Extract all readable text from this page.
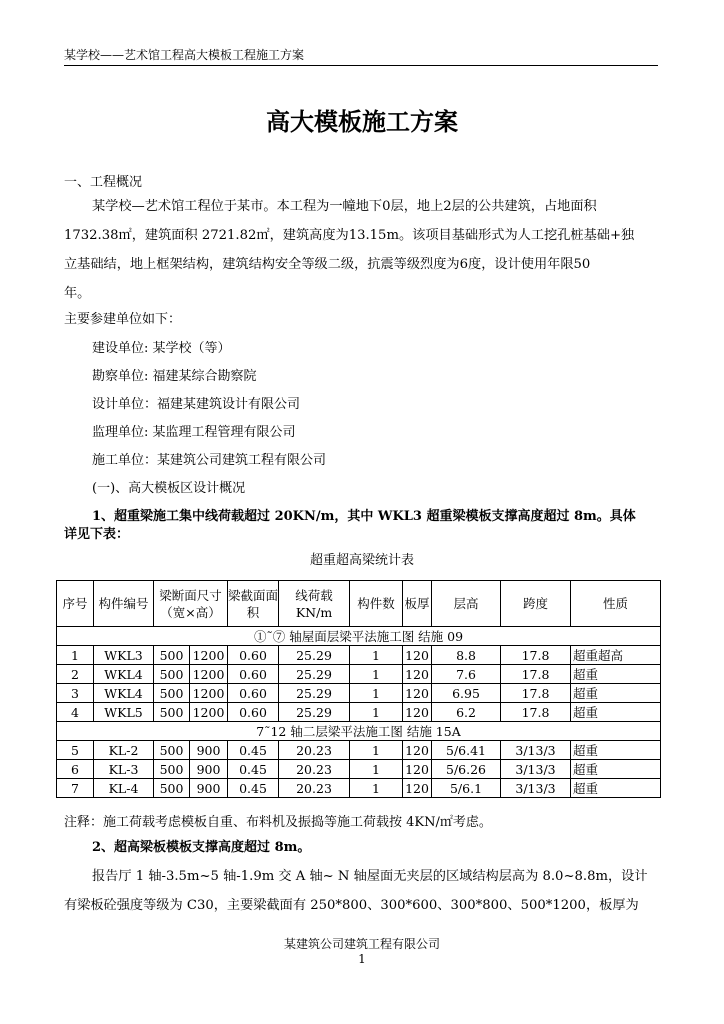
某学校——艺术馆工程高大模板工程施工方案
高大模板施工方案
一、工程概况
某学校—艺术馆工程位于某市。本工程为一幢地下0层，地上2层的公共建筑，占地面积
1732.38㎡，建筑面积 2721.82㎡，建筑高度为13.15m。该项目基础形式为人工挖孔桩基础+独
立基础结，地上框架结构，建筑结构安全等级二级，抗震等级烈度为6度，设计使用年限50
年。
主要参建单位如下：
建设单位: 某学校（等）
勘察单位: 福建某综合勘察院
设计单位：福建某建筑设计有限公司
监理单位: 某监理工程管理有限公司
施工单位：某建筑公司建筑工程有限公司
(一)、高大模板区设计概况
1、超重梁施工集中线荷载超过 20KN/m，其中 WKL3 超重梁模板支撑高度超过 8m。具体
详见下表：
超重超高梁统计表
序号	构件编号	梁断面尺寸（宽×高）		梁截面面积	线荷载KN/m	构件数	板厚	层高	跨度	性质
①˜⑦ 轴屋面层梁平法施工图 结施 09										
1	WKL3	500	1200	0.60	25.29	1	120	8.8	17.8	超重超高
2	WKL4	500	1200	0.60	25.29	1	120	7.6	17.8	超重
3	WKL4	500	1200	0.60	25.29	1	120	6.95	17.8	超重
4	WKL5	500	1200	0.60	25.29	1	120	6.2	17.8	超重
7˜12 轴二层梁平法施工图 结施 15A										
5	KL-2	500	900	0.45	20.23	1	120	5/6.41	3/13/3	超重
6	KL-3	500	900	0.45	20.23	1	120	5/6.26	3/13/3	超重
7	KL-4	500	900	0.45	20.23	1	120	5/6.1	3/13/3	超重
注释：施工荷载考虑模板自重、布料机及振捣等施工荷载按 4KN/㎡考虑。
2、超高梁板模板支撑高度超过 8m。
报告厅 1 轴-3.5m~5 轴-1.9m 交 A 轴~ N 轴屋面无夹层的区域结构层高为 8.0~8.8m，设计
有梁板砼强度等级为 C30，主要梁截面有 250*800、300*600、300*800、500*1200，板厚为
某建筑公司建筑工程有限公司
1
